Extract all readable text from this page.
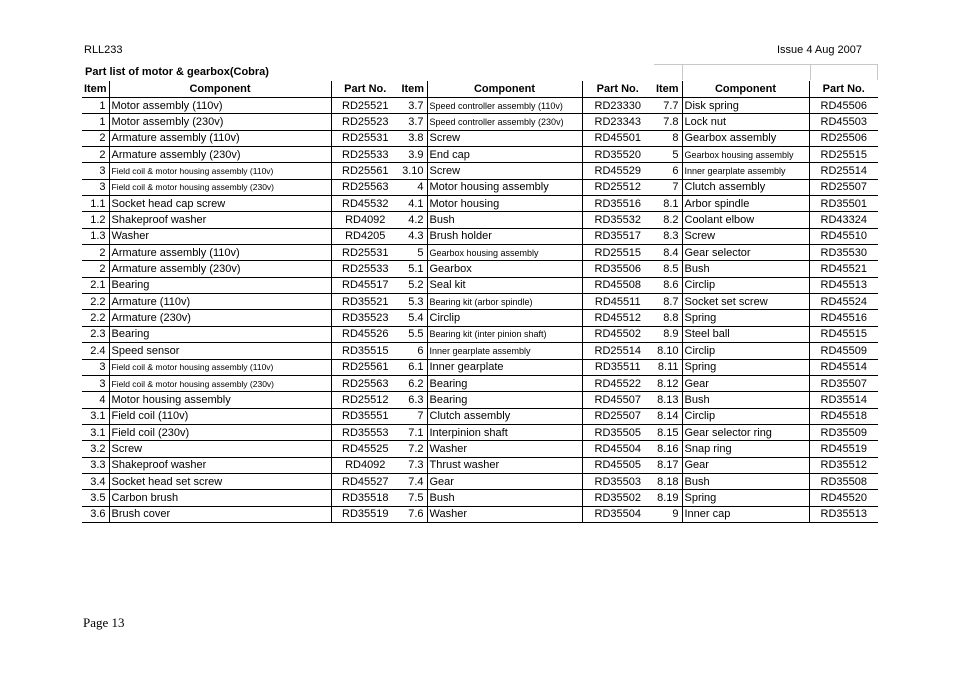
RLL233	Issue 4 Aug 2007
Part list of motor & gearbox(Cobra)
Item	Component	Part No.	Item	Component	Part No.	Item	Component	Part No.
1	Motor assembly (110v)	RD25521	3.7	Speed controller assembly (110v)	RD23330	7.7	Disk spring	RD45506
1	Motor assembly (230v)	RD25523	3.7	Speed controller assembly (230v)	RD23343	7.8	Lock nut	RD45503
2	Armature assembly (110v)	RD25531	3.8	Screw	RD45501	8	Gearbox assembly	RD25506
2	Armature assembly (230v)	RD25533	3.9	End cap	RD35520	5	Gearbox housing assembly	RD25515
3	Field coil & motor housing assembly (110v)	RD25561	3.10	Screw	RD45529	6	Inner gearplate assembly	RD25514
3	Field coil & motor housing assembly (230v)	RD25563	4	Motor housing assembly	RD25512	7	Clutch assembly	RD25507
1.1	Socket head cap screw	RD45532	4.1	Motor housing	RD35516	8.1	Arbor spindle	RD35501
1.2	Shakeproof washer	RD4092	4.2	Bush	RD35532	8.2	Coolant elbow	RD43324
1.3	Washer	RD4205	4.3	Brush holder	RD35517	8.3	Screw	RD45510
2	Armature assembly (110v)	RD25531	5	Gearbox housing assembly	RD25515	8.4	Gear selector	RD35530
2	Armature assembly (230v)	RD25533	5.1	Gearbox	RD35506	8.5	Bush	RD45521
2.1	Bearing	RD45517	5.2	Seal kit	RD45508	8.6	Circlip	RD45513
2.2	Armature (110v)	RD35521	5.3	Bearing kit (arbor spindle)	RD45511	8.7	Socket set screw	RD45524
2.2	Armature (230v)	RD35523	5.4	Circlip	RD45512	8.8	Spring	RD45516
2.3	Bearing	RD45526	5.5	Bearing kit (inter pinion shaft)	RD45502	8.9	Steel ball	RD45515
2.4	Speed sensor	RD35515	6	Inner gearplate assembly	RD25514	8.10	Circlip	RD45509
3	Field coil & motor housing assembly (110v)	RD25561	6.1	Inner gearplate	RD35511	8.11	Spring	RD45514
3	Field coil & motor housing assembly (230v)	RD25563	6.2	Bearing	RD45522	8.12	Gear	RD35507
4	Motor housing assembly	RD25512	6.3	Bearing	RD45507	8.13	Bush	RD35514
3.1	Field coil (110v)	RD35551	7	Clutch assembly	RD25507	8.14	Circlip	RD45518
3.1	Field coil (230v)	RD35553	7.1	Interpinion shaft	RD35505	8.15	Gear selector ring	RD35509
3.2	Screw	RD45525	7.2	Washer	RD45504	8.16	Snap ring	RD45519
3.3	Shakeproof washer	RD4092	7.3	Thrust washer	RD45505	8.17	Gear	RD35512
3.4	Socket head set screw	RD45527	7.4	Gear	RD35503	8.18	Bush	RD35508
3.5	Carbon brush	RD35518	7.5	Bush	RD35502	8.19	Spring	RD45520
3.6	Brush cover	RD35519	7.6	Washer	RD35504	9	Inner cap	RD35513
Page 13
